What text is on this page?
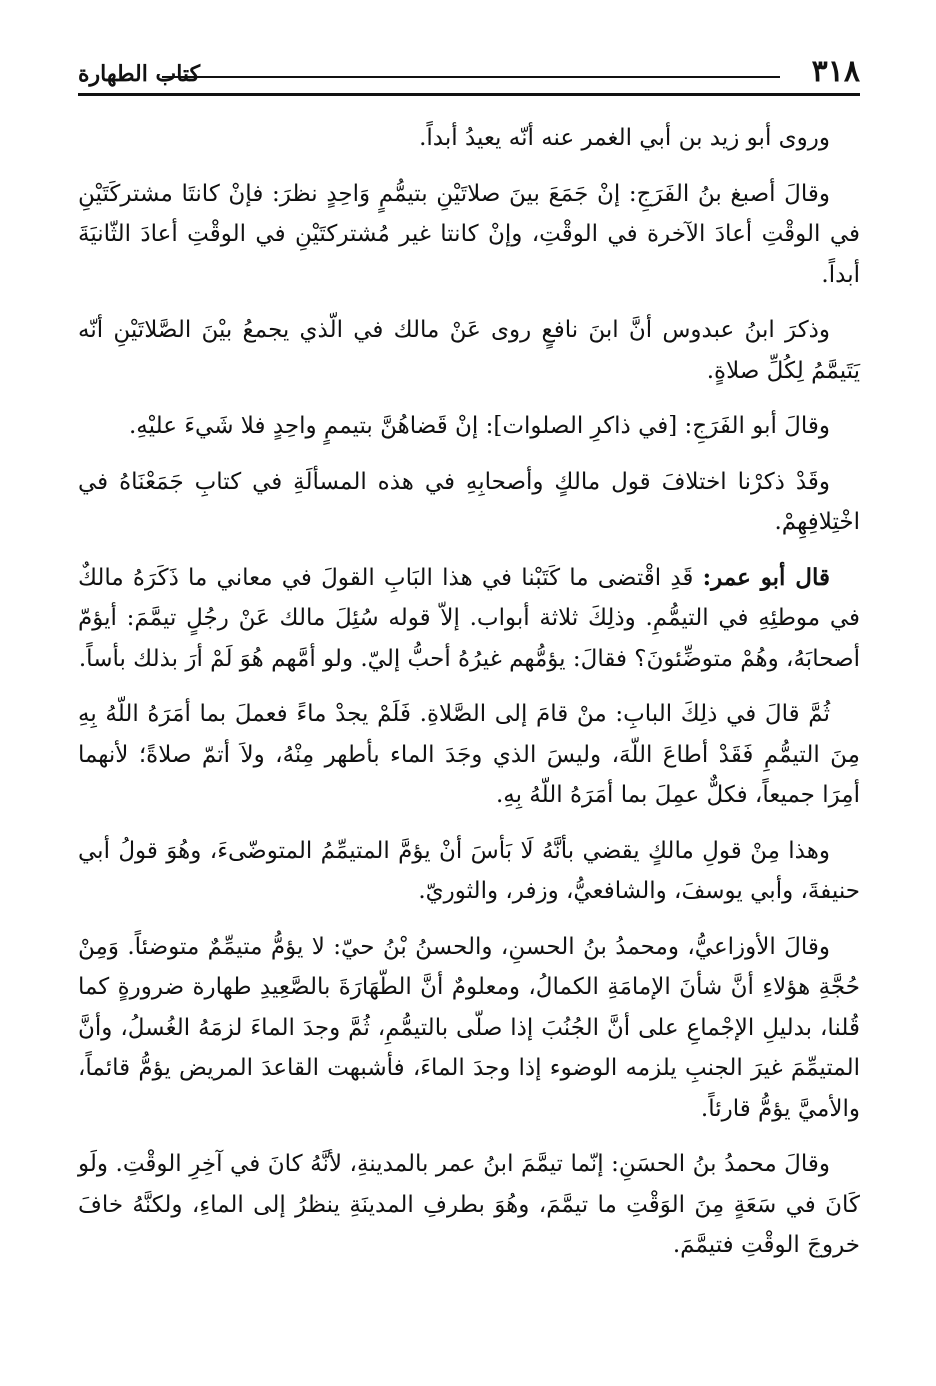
٣١٨
كتاب الطهارة

وروى أبو زيد بن أبي الغمر عنه أنّه يعيدُ أبداً.

وقالَ أصبغ بنُ الفَرَجِ: إنْ جَمَعَ بينَ صلاتَيْنِ بتيمُّمٍ وَاحِدٍ نظرَ: فإنْ كانتَا مشتركَتَيْنِ في الوقْتِ أعادَ الآخرة في الوقْتِ، وإنْ كانتا غير مُشتركتَيْنِ في الوقْتِ أعادَ الثّانيَةَ أبداً.

وذكرَ ابنُ عبدوس أنَّ ابنَ نافعٍ روى عَنْ مالك في الّذي يجمعُ بيْنَ الصَّلاتَيْنِ أنّه يَتَيمَّمُ لِكُلِّ صلاةٍ.

وقالَ أبو الفَرَجِ: [في ذاكرِ الصلوات]: إنْ قَضاهُنَّ بتيممٍ واحِدٍ فلا شَيءَ عليْهِ.

وقَدْ ذكرْنا اختلافَ قول مالكٍ وأصحابِهِ في هذه المسألَةِ في كتابِ جَمَعْنَاهُ في اخْتِلافِهِمْ.

قال أبو عمر: قَدِ اقْتضى ما كَتَبْنا في هذا البَابِ القولَ في معاني ما ذَكَرَهُ مالكٌ في موطئِهِ في التيمُّمِ. وذلِكَ ثلاثة أبواب. إلاّ قوله سُئِلَ مالك عَنْ رجُلٍ تيمَّمَ: أيؤمّ أصحابَهُ، وهُمْ متوضِّئونَ؟ فقالَ: يؤمُّهم غيرُهُ أحبُّ إليّ. ولو أمَّهم هُوَ لَمْ أرَ بذلك بأساً.

ثُمَّ قالَ في ذلِكَ البابِ: منْ قامَ إلى الصَّلاةِ. فَلَمْ يجدْ ماءً فعملَ بما أمَرَهُ اللّهُ بِهِ مِنَ التيمُّمِ فَقَدْ أطاعَ اللّهَ، وليسَ الذي وجَدَ الماء بأطهر مِنْهُ، ولاَ أتمّ صلاةً؛ لأنهما أمِرَا جميعاً، فكلٌّ عمِلَ بما أمَرَهُ اللّهُ بِهِ.

وهذا مِنْ قولِ مالكٍ يقضي بأنَّهُ لَا بَأسَ أنْ يؤمَّ المتيمِّمُ المتوضّىءَ، وهُوَ قولُ أبي حنيفةَ، وأبي يوسفَ، والشافعيُّ، وزفر، والثوريّ.

وقالَ الأوزاعيُّ، ومحمدُ بنُ الحسنِ، والحسنُ بْنُ حيّ: لا يؤمُّ متيمِّمٌ متوضئاً. وَمِنْ حُجَّةِ هؤلاءِ أنَّ شأنَ الإمامَةِ الكمالُ، ومعلومٌ أنَّ الطّهَارَةَ بالصَّعِيدِ طهارة ضرورةٍ كما قُلنا، بدليلِ الإجْماعِ على أنَّ الجُنُبَ إذا صلّى بالتيمُّمِ، ثُمَّ وجدَ الماءَ لزمَهُ الغُسلُ، وأنَّ المتيمِّمَ غيرَ الجنبِ يلزمه الوضوء إذا وجدَ الماءَ، فأشبهت القاعدَ المريض يؤمُّ قائماً، والأميَّ يؤمُّ قارئاً.

وقالَ محمدُ بنُ الحسَنِ: إنّما تيمَّمَ ابنُ عمر بالمدينةِ، لأنَّهُ كانَ في آخِرِ الوقْتِ. ولَو كَانَ في سَعَةٍ مِنَ الوَقْتِ ما تيمَّمَ، وهُوَ بطرفِ المدينَةِ ينظرُ إلى الماءِ، ولكنَّهُ خافَ خروجَ الوقْتِ فتيمَّمَ.
